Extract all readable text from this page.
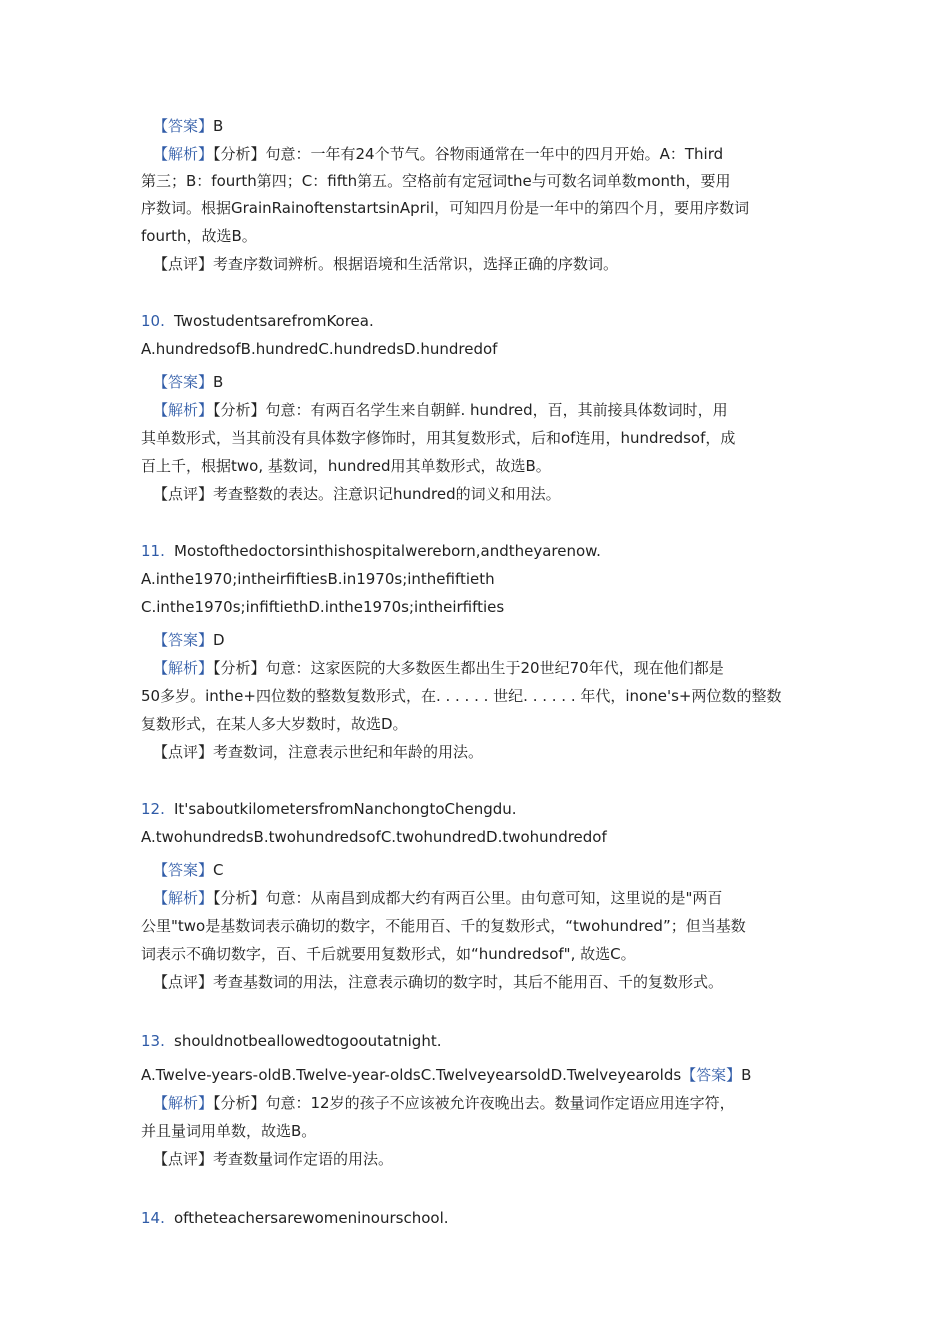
【答案】B
【解析】【分析】句意：一年有24个节气。谷物雨通常在一年中的四月开始。A：Third
第三；B：fourth第四；C：fifth第五。空格前有定冠词the与可数名词单数month，要用
序数词。根据GrainRainoftenstartsinApril，可知四月份是一年中的第四个月，要用序数词
fourth，故选B。
【点评】考查序数词辨析。根据语境和生活常识，选择正确的序数词。
10. TwostudentsarefromKorea.
A.hundredsofB.hundredC.hundredsD.hundredof
【答案】B
【解析】【分析】句意：有两百名学生来自朝鲜. hundred，百，其前接具体数词时，用
其单数形式，当其前没有具体数字修饰时，用其复数形式，后和of连用，hundredsof，成
百上千，根据two, 基数词，hundred用其单数形式，故选B。
【点评】考查整数的表达。注意识记hundred的词义和用法。
11. Mostofthedoctorsinthishospitalwereborn,andtheyarenow.
A.inthe1970;intheirfiftiesB.in1970s;inthefiftieth
C.inthe1970s;infiftiethD.inthe1970s;intheirfifties
【答案】D
【解析】【分析】句意：这家医院的大多数医生都出生于20世纪70年代，现在他们都是
50多岁。inthe+四位数的整数复数形式，在. . . . . . 世纪. . . . . . 年代，inone's+两位数的整数
复数形式，在某人多大岁数时，故选D。
【点评】考查数词，注意表示世纪和年龄的用法。
12. It'saboutkilometersfromNanchongtoChengdu.
A.twohundredsB.twohundredsofC.twohundredD.twohundredof
【答案】C
【解析】【分析】句意：从南昌到成都大约有两百公里。由句意可知，这里说的是"两百
公里"two是基数词表示确切的数字，不能用百、千的复数形式，“twohundred”；但当基数
词表示不确切数字，百、千后就要用复数形式，如“hundredsof", 故选C。
【点评】考查基数词的用法，注意表示确切的数字时，其后不能用百、千的复数形式。
13. shouldnotbeallowedtogooutatnight.
A.Twelve-years-oldB.Twelve-year-oldsC.TwelveyearsoldD.Twelveyearolds【答案】B
【解析】【分析】句意：12岁的孩子不应该被允许夜晚出去。数量词作定语应用连字符，
并且量词用单数，故选B。
【点评】考查数量词作定语的用法。
14. oftheteachersarewomeninourschool.
